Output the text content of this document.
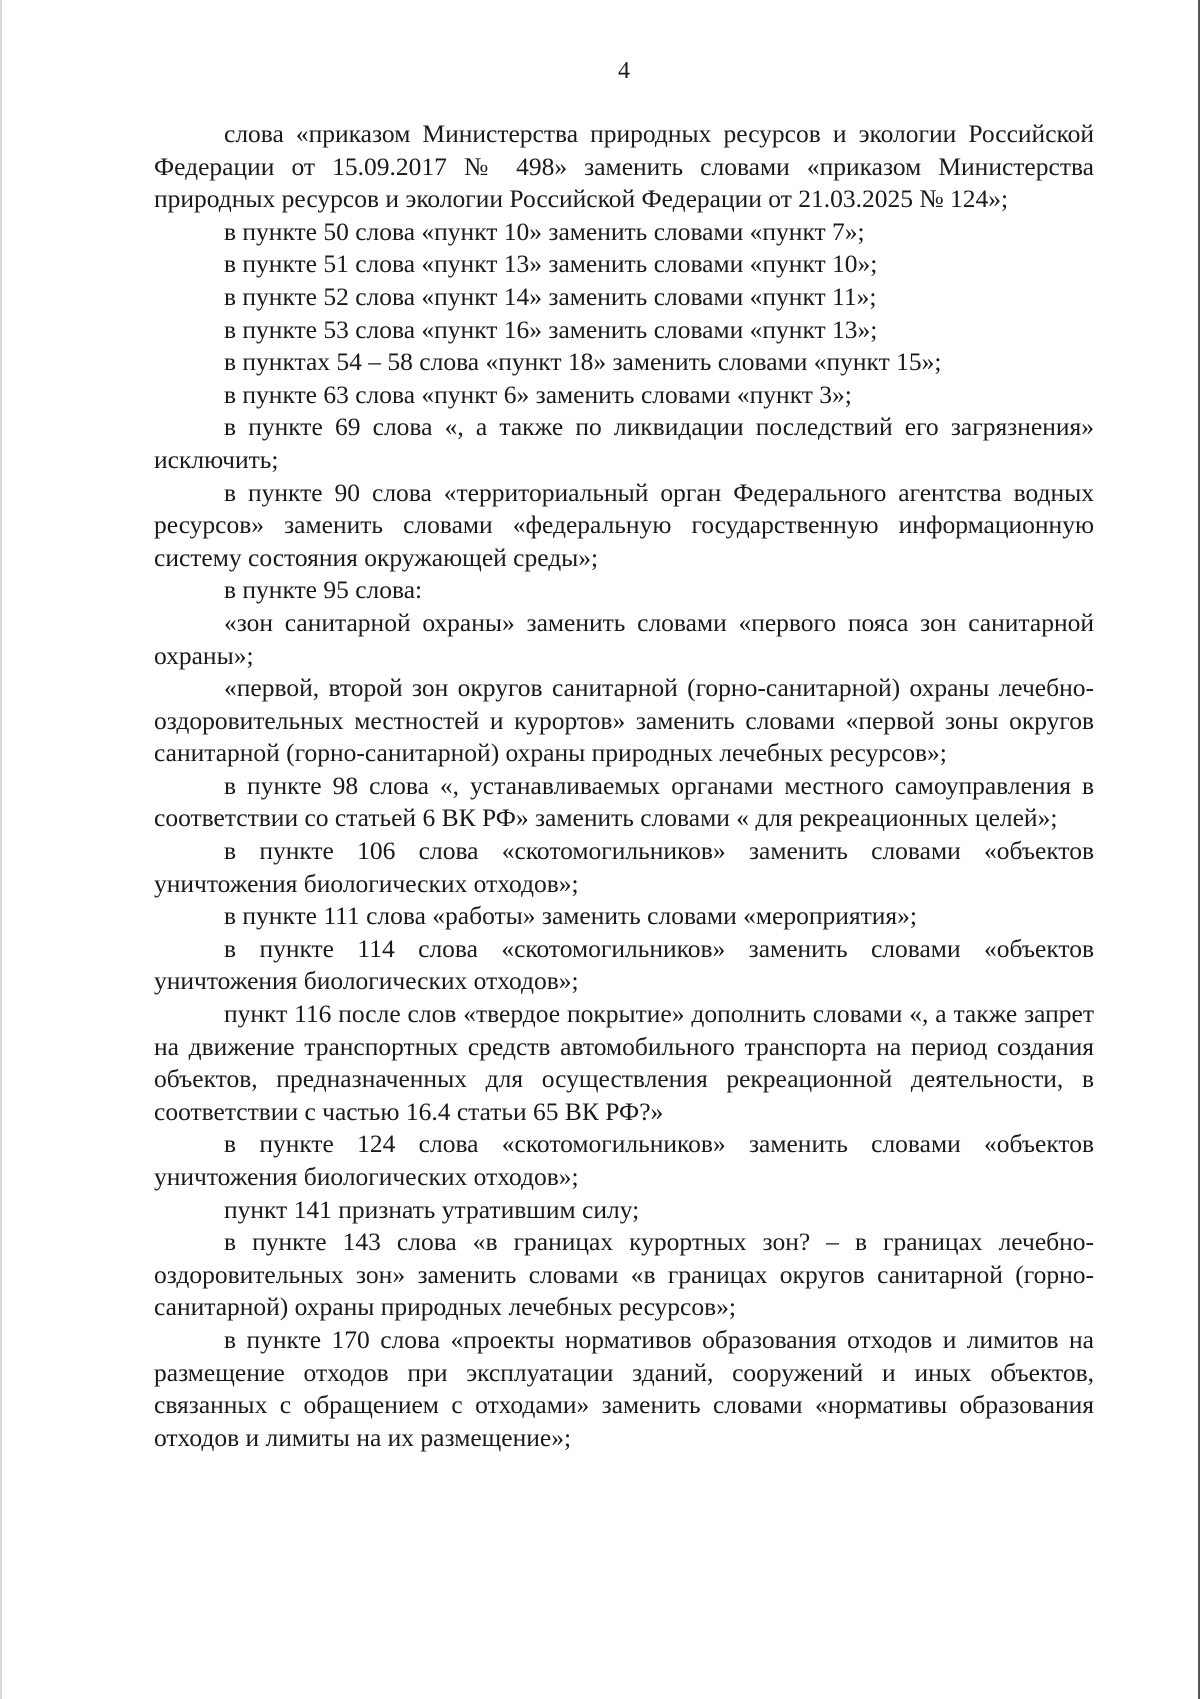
4

слова «приказом Министерства природных ресурсов и экологии Российской Федерации от 15.09.2017 № 498» заменить словами «приказом Министерства природных ресурсов и экологии Российской Федерации от 21.03.2025 № 124»;

в пункте 50 слова «пункт 10» заменить словами «пункт 7»;

в пункте 51 слова «пункт 13» заменить словами «пункт 10»;

в пункте 52 слова «пункт 14» заменить словами «пункт 11»;

в пункте 53 слова «пункт 16» заменить словами «пункт 13»;

в пунктах 54 – 58 слова «пункт 18» заменить словами «пункт 15»;

в пункте 63 слова «пункт 6» заменить словами «пункт 3»;

в пункте 69 слова «, а также по ликвидации последствий его загрязнения» исключить;

в пункте 90 слова «территориальный орган Федерального агентства водных ресурсов» заменить словами «федеральную государственную информационную систему состояния окружающей среды»;

в пункте 95 слова:

«зон санитарной охраны» заменить словами «первого пояса зон санитарной охраны»;

«первой, второй зон округов санитарной (горно-санитарной) охраны лечебно-оздоровительных местностей и курортов» заменить словами «первой зоны округов санитарной (горно-санитарной) охраны природных лечебных ресурсов»;

в пункте 98 слова «, устанавливаемых органами местного самоуправления в соответствии со статьей 6 ВК РФ» заменить словами « для рекреационных целей»;

в пункте 106 слова «скотомогильников» заменить словами «объектов уничтожения биологических отходов»;

в пункте 111 слова «работы» заменить словами «мероприятия»;

в пункте 114 слова «скотомогильников» заменить словами «объектов уничтожения биологических отходов»;

пункт 116 после слов «твердое покрытие» дополнить словами «, а также запрет на движение транспортных средств автомобильного транспорта на период создания объектов, предназначенных для осуществления рекреационной деятельности, в соответствии с частью 16.4 статьи 65 ВК РФ?»

в пункте 124 слова «скотомогильников» заменить словами «объектов уничтожения биологических отходов»;

пункт 141 признать утратившим силу;

в пункте 143 слова «в границах курортных зон? – в границах лечебно-оздоровительных зон» заменить словами «в границах округов санитарной (горно-санитарной) охраны природных лечебных ресурсов»;

в пункте 170 слова «проекты нормативов образования отходов и лимитов на размещение отходов при эксплуатации зданий, сооружений и иных объектов, связанных с обращением с отходами» заменить словами «нормативы образования отходов и лимиты на их размещение»;
